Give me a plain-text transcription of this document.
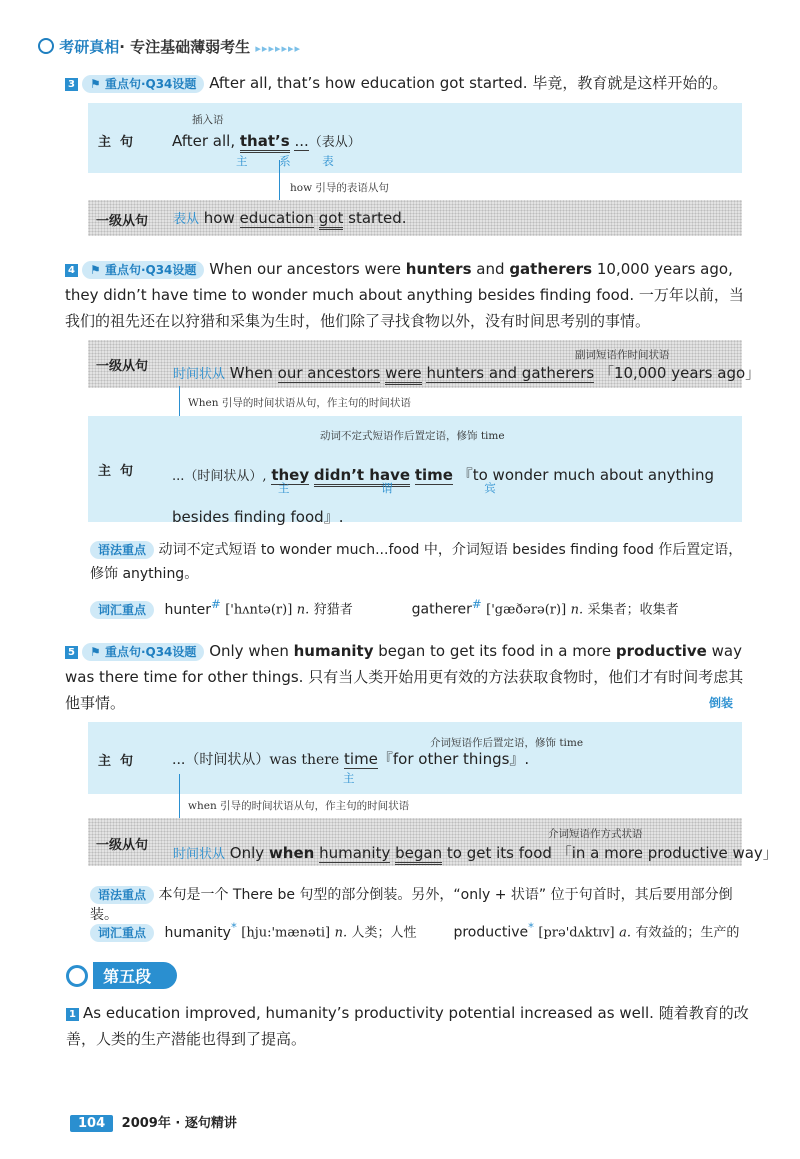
考研真相· 专注基础薄弱考生 ▸▸▸▸▸▸▸
3 ⚑ 重点句·Q34设题 After all, that’s how education got started. 毕竟，教育就是这样开始的。
主  句
插入语
After all, that’s ...（表从）
主 系 表
how 引导的表语从句
一级从句 表从 how education got started.
4 ⚑ 重点句·Q34设题 When our ancestors were hunters and gatherers 10,000 years ago, they didn’t have time to wonder much about anything besides finding food. 一万年以前，当我们的祖先还在以狩猎和采集为生时，他们除了寻找食物以外，没有时间思考别的事情。
一级从句
副词短语作时间状语
时间状从 When our ancestors were hunters and gatherers 「10,000 years ago」
When 引导的时间状语从句，作主句的时间状语
动词不定式短语作后置定语，修饰 time
主  句	...（时间状从）, they didn’t have time 『to wonder much about anything besides finding food』.
主 谓 宾
语法重点 动词不定式短语 to wonder much...food 中，介词短语 besides finding food 作后置定语，修饰 anything。
词汇重点 hunter# ['hʌntə(r)] n. 狩猎者	gatherer# ['gæðərə(r)] n. 采集者；收集者
5 ⚑ 重点句·Q34设题 Only when humanity began to get its food in a more productive way was there time for other things. 只有当人类开始用更有效的方法获取食物时，他们才有时间考虑其他事情。	倒装
介词短语作后置定语，修饰 time
主  句	...（时间状从）was there time『for other things』.
主
when 引导的时间状语从句，作主句的时间状语
一级从句
介词短语作方式状语
时间状从 Only when humanity began to get its food 「in a more productive way」
语法重点 本句是一个 There be 句型的部分倒装。另外，“only + 状语” 位于句首时，其后要用部分倒装。
词汇重点 humanity* [hju:'mænəti] n. 人类；人性	productive* [prə'dʌktɪv] a. 有效益的；生产的
第五段
1 As education improved, humanity’s productivity potential increased as well. 随着教育的改善，人类的生产潜能也得到了提高。
104 2009年 · 逐句精讲
